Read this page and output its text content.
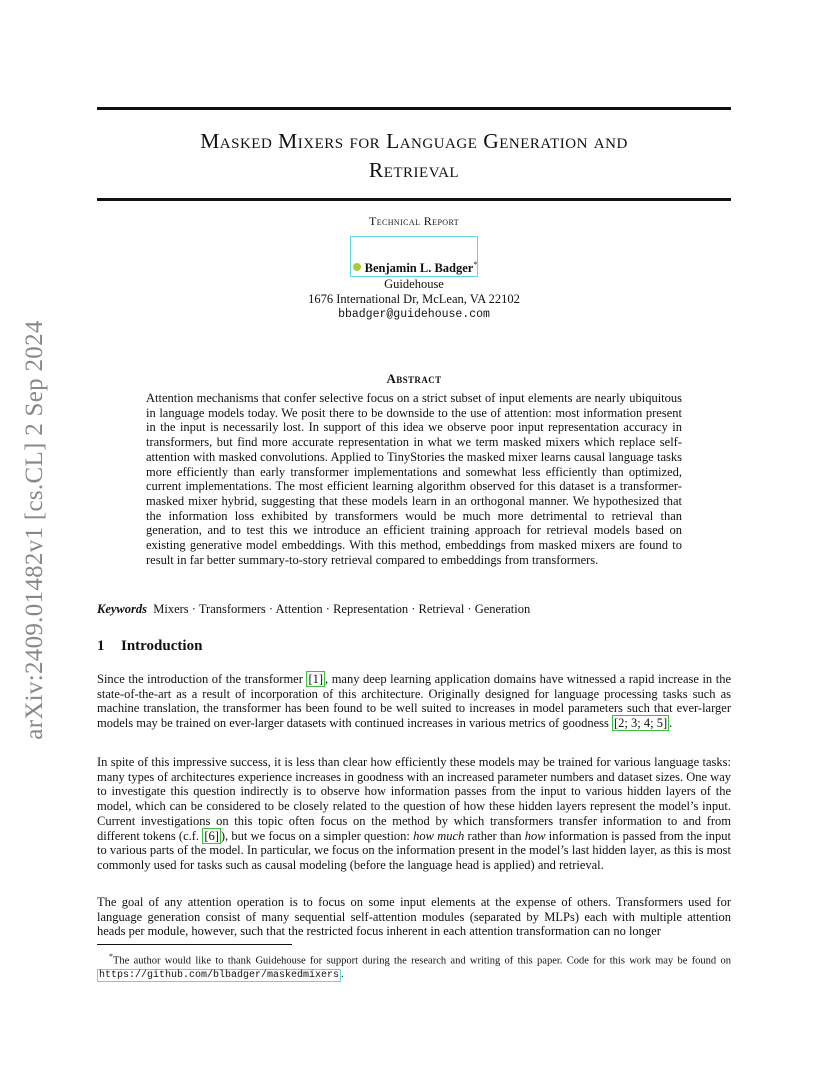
arXiv:2409.01482v1 [cs.CL] 2 Sep 2024
Masked Mixers for Language Generation and
Retrieval
Technical Report
Benjamin L. Badger*
Guidehouse
1676 International Dr, McLean, VA 22102
bbadger@guidehouse.com
Abstract
Attention mechanisms that confer selective focus on a strict subset of input elements are nearly ubiquitous in language models today. We posit there to be downside to the use of attention: most information present in the input is necessarily lost. In support of this idea we observe poor input representation accuracy in transformers, but find more accurate representation in what we term masked mixers which replace self-attention with masked convolutions. Applied to TinyStories the masked mixer learns causal language tasks more efficiently than early transformer implementations and somewhat less efficiently than optimized, current implementations. The most efficient learning algorithm observed for this dataset is a transformer-masked mixer hybrid, suggesting that these models learn in an orthogonal manner. We hypothesized that the information loss exhibited by transformers would be much more detrimental to retrieval than generation, and to test this we introduce an efficient training approach for retrieval models based on existing generative model embeddings. With this method, embeddings from masked mixers are found to result in far better summary-to-story retrieval compared to embeddings from transformers.
Keywords Mixers · Transformers · Attention · Representation · Retrieval · Generation
1 Introduction

Since the introduction of the transformer [1] , many deep learning application domains have witnessed a rapid increase in the state-of-the-art as a result of incorporation of this architecture. Originally designed for language processing tasks such as machine translation, the transformer has been found to be well suited to increases in model parameters such that ever-larger models may be trained on ever-larger datasets with continued increases in various metrics of goodness [2; 3; 4; 5] .

In spite of this impressive success, it is less than clear how efficiently these models may be trained for various language tasks: many types of architectures experience increases in goodness with an increased parameter numbers and dataset sizes. One way to investigate this question indirectly is to observe how information passes from the input to various hidden layers of the model, which can be considered to be closely related to the question of how these hidden layers represent the model’s input. Current investigations on this topic often focus on the method by which transformers transfer information to and from different tokens (c.f. [6] ), but we focus on a simpler question: how much rather than how information is passed from the input to various parts of the model. In particular, we focus on the information present in the model’s last hidden layer, as this is most commonly used for tasks such as causal modeling (before the language head is applied) and retrieval.

The goal of any attention operation is to focus on some input elements at the expense of others. Transformers used for language generation consist of many sequential self-attention modules (separated by MLPs) each with multiple attention heads per module, however, such that the restricted focus inherent in each attention transformation can no longer

*The author would like to thank Guidehouse for support during the research and writing of this paper. Code for this work may be found on https://github.com/blbadger/maskedmixers .
